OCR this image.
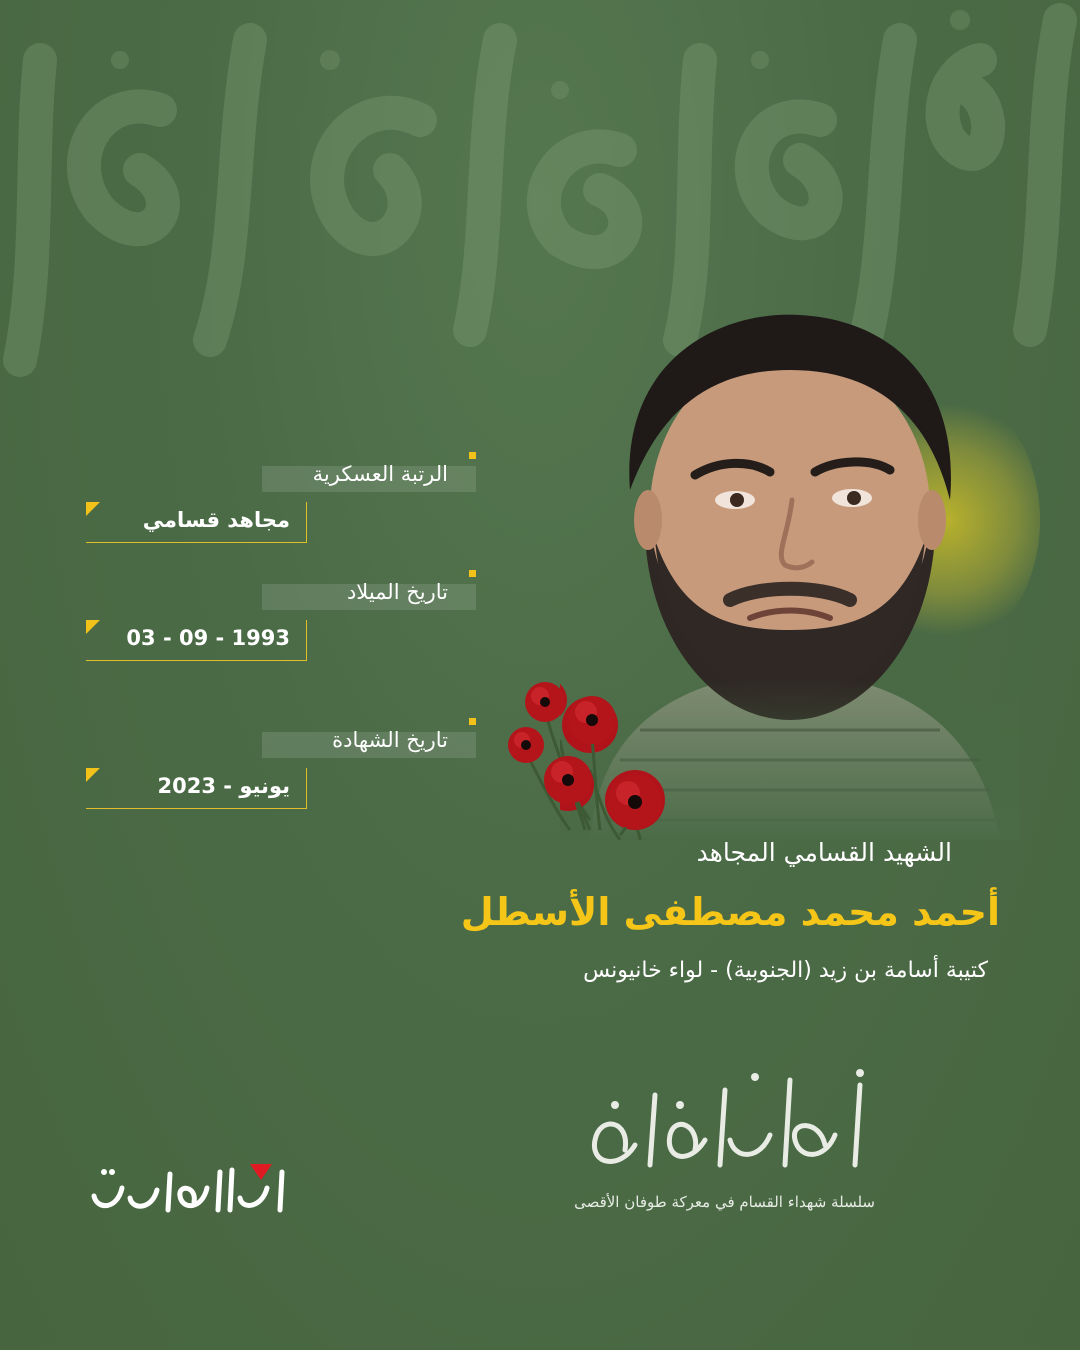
الرتبة العسكرية
مجاهد قسامي
تاريخ الميلاد
03 - 09 - 1993
تاريخ الشهادة
يونيو - 2023
الشهيد القسامي المجاهد
أحمد محمد مصطفى الأسطل
كتيبة أسامة بن زيد (الجنوبية) - لواء خانيونس
سلسلة شهداء القسام في معركة طوفان الأقصى
